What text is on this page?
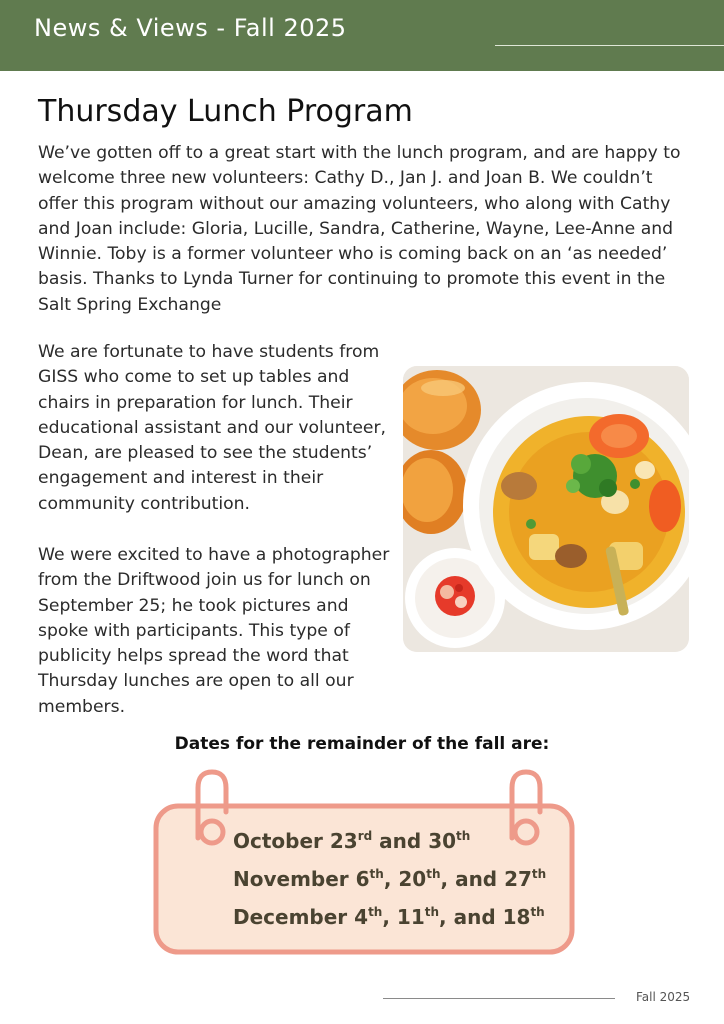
News & Views - Fall 2025
Thursday Lunch Program
We’ve gotten off to a great start with the lunch program, and are happy to welcome three new volunteers: Cathy D., Jan J. and Joan B. We couldn’t offer this program without our amazing volunteers, who along with Cathy and Joan include: Gloria, Lucille, Sandra, Catherine, Wayne, Lee-Anne and Winnie. Toby is a former volunteer who is coming back on an ‘as needed’ basis. Thanks to Lynda Turner for continuing to promote this event in the Salt Spring Exchange
We are fortunate to have students from GISS who come to set up tables and chairs in preparation for lunch. Their educational assistant and our volunteer, Dean, are pleased to see the students’ engagement and interest in their community contribution.
We were excited to have a photographer from the Driftwood join us for lunch on September 25; he took pictures and spoke with participants. This type of publicity helps spread the word that Thursday lunches are open to all our members.
Dates for the remainder of the fall are:
October 23rd and 30th
November 6th, 20th, and 27th
December 4th, 11th, and 18th
Fall 2025
